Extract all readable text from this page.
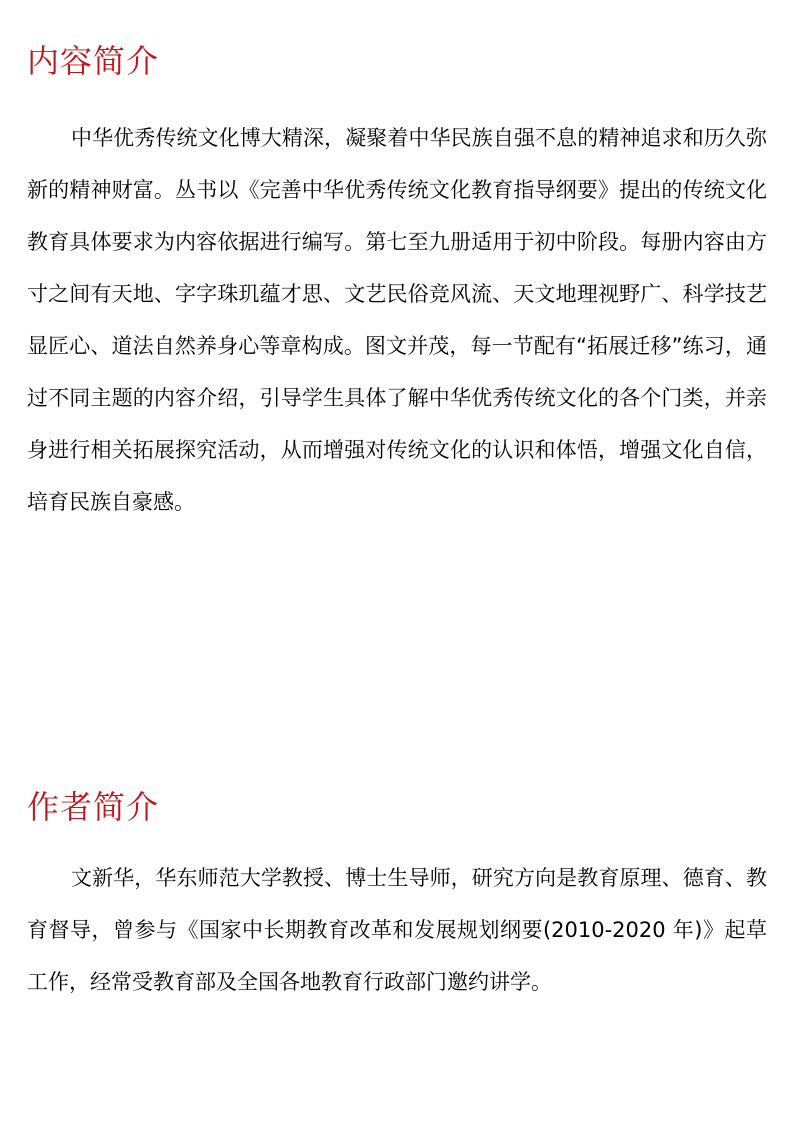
内容简介

中华优秀传统文化博大精深，凝聚着中华民族自强不息的精神追求和历久弥新的精神财富。丛书以《完善中华优秀传统文化教育指导纲要》提出的传统文化教育具体要求为内容依据进行编写。第七至九册适用于初中阶段。每册内容由方寸之间有天地、字字珠玑蕴才思、文艺民俗竞风流、天文地理视野广、科学技艺显匠心、道法自然养身心等章构成。图文并茂，每一节配有“拓展迁移”练习，通过不同主题的内容介绍，引导学生具体了解中华优秀传统文化的各个门类，并亲身进行相关拓展探究活动，从而增强对传统文化的认识和体悟，增强文化自信，培育民族自豪感。

作者简介

文新华，华东师范大学教授、博士生导师，研究方向是教育原理、德育、教育督导，曾参与《国家中长期教育改革和发展规划纲要(2010-2020 年)》起草工作，经常受教育部及全国各地教育行政部门邀约讲学。
